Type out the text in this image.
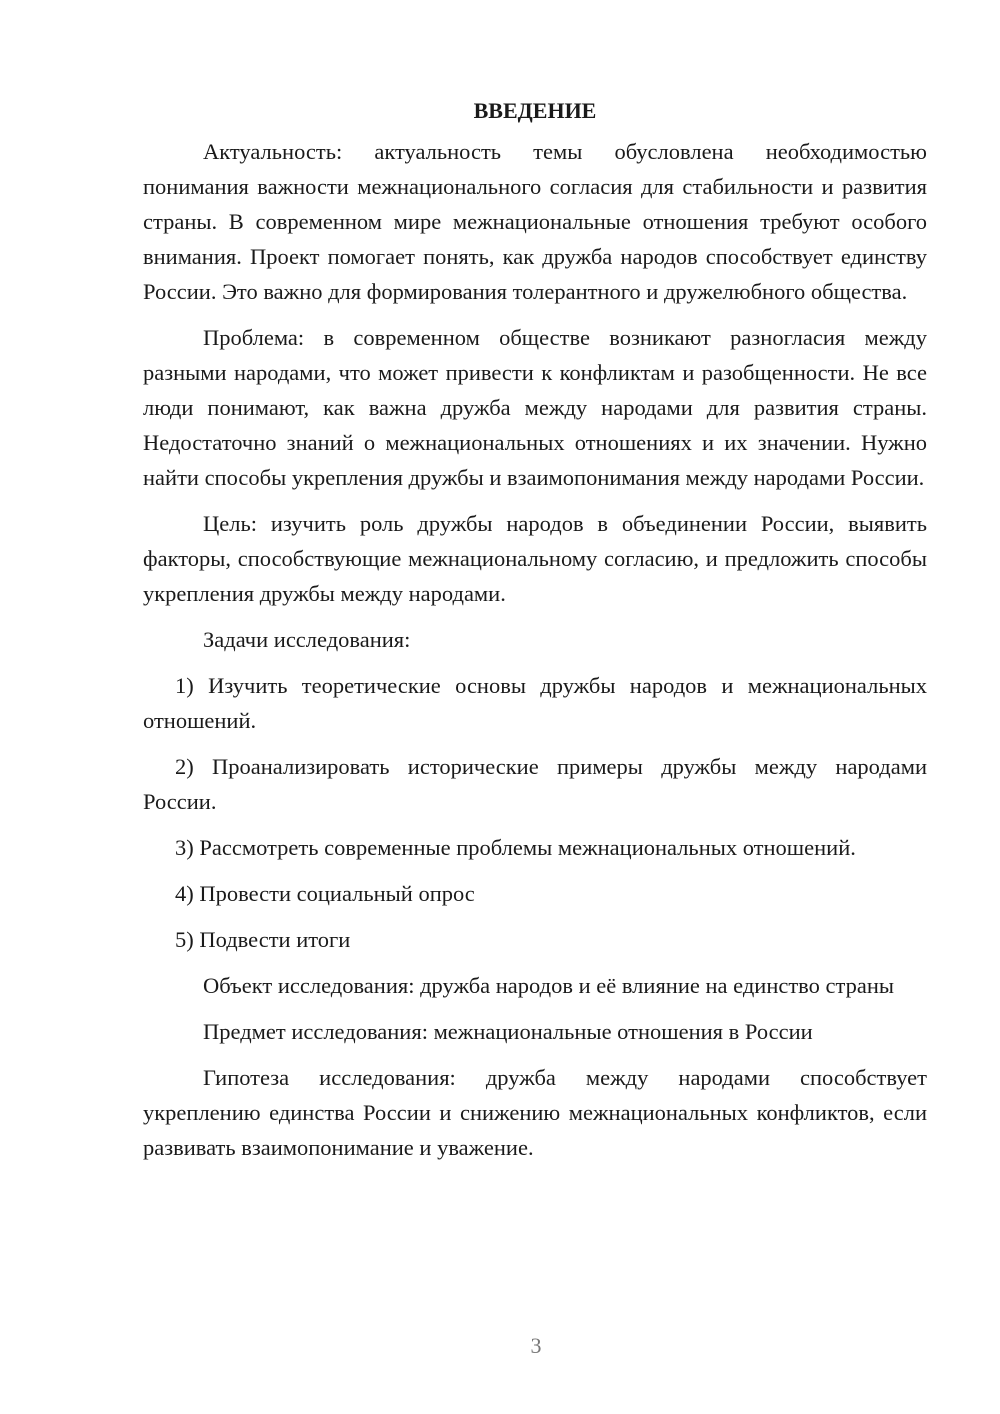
ВВЕДЕНИЕ

Актуальность: актуальность темы обусловлена необходимостью понимания важности межнационального согласия для стабильности и развития страны. В современном мире межнациональные отношения требуют особого внимания. Проект помогает понять, как дружба народов способствует единству России. Это важно для формирования толерантного и дружелюбного общества.

Проблема: в современном обществе возникают разногласия между разными народами, что может привести к конфликтам и разобщенности. Не все люди понимают, как важна дружба между народами для развития страны. Недостаточно знаний о межнациональных отношениях и их значении. Нужно найти способы укрепления дружбы и взаимопонимания между народами России.

Цель: изучить роль дружбы народов в объединении России, выявить факторы, способствующие межнациональному согласию, и предложить способы укрепления дружбы между народами.

Задачи исследования:

1) Изучить теоретические основы дружбы народов и межнациональных отношений.

2) Проанализировать исторические примеры дружбы между народами России.

3) Рассмотреть современные проблемы межнациональных отношений.

4) Провести социальный опрос

5) Подвести итоги

Объект исследования: дружба народов и её влияние на единство страны

Предмет исследования: межнациональные отношения в России

Гипотеза исследования: дружба между народами способствует укреплению единства России и снижению межнациональных конфликтов, если развивать взаимопонимание и уважение.

3
